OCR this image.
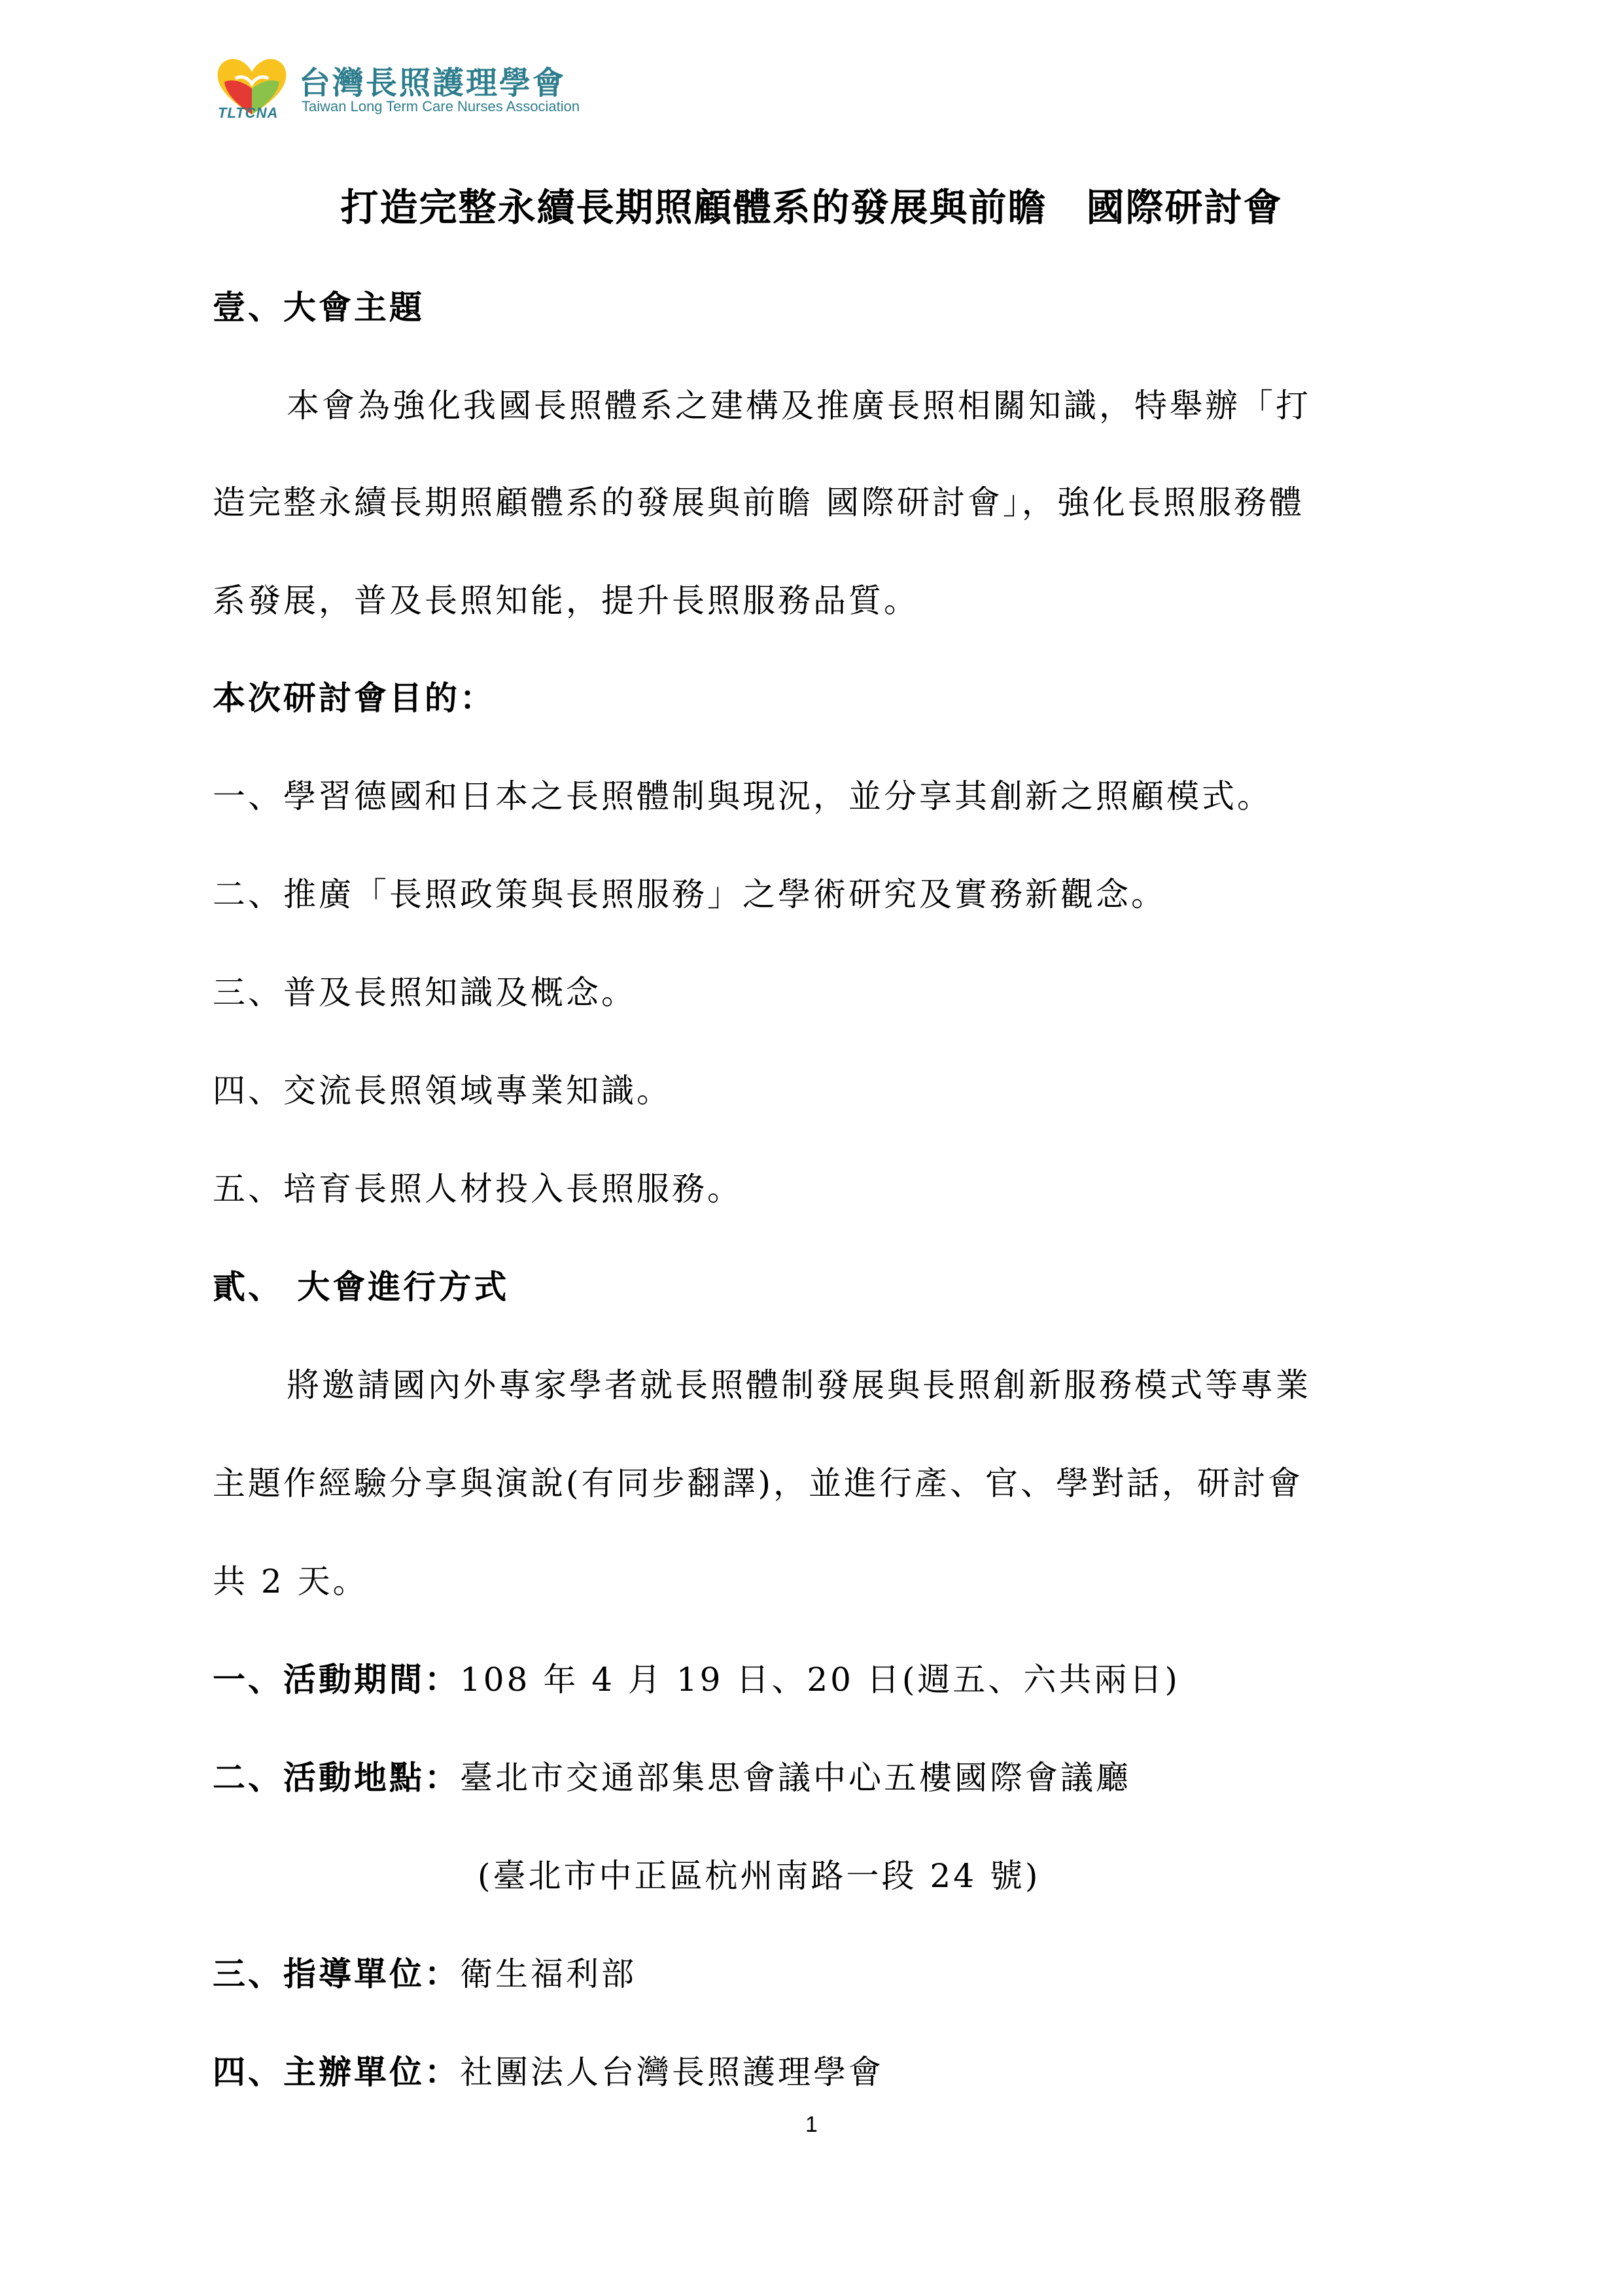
TLTCNA
台灣長照護理學會
Taiwan Long Term Care Nurses Association
打造完整永續長期照顧體系的發展與前瞻　國際研討會
壹、大會主題
本會為強化我國長照體系之建構及推廣長照相關知識，特舉辦「打
造完整永續長期照顧體系的發展與前瞻 國際研討會」，強化長照服務體
系發展，普及長照知能，提升長照服務品質。
本次研討會目的：
一、學習德國和日本之長照體制與現況，並分享其創新之照顧模式。
二、推廣「長照政策與長照服務」之學術研究及實務新觀念。
三、普及長照知識及概念。
四、交流長照領域專業知識。
五、培育長照人材投入長照服務。
貳、 大會進行方式
將邀請國內外專家學者就長照體制發展與長照創新服務模式等專業
主題作經驗分享與演說(有同步翻譯)，並進行產、官、學對話，研討會
共 2 天。
一、活動期間：108 年 4 月 19 日、20 日(週五、六共兩日)
二、活動地點：臺北市交通部集思會議中心五樓國際會議廳
(臺北市中正區杭州南路一段 24 號)
三、指導單位：衛生福利部
四、主辦單位：社團法人台灣長照護理學會
1
